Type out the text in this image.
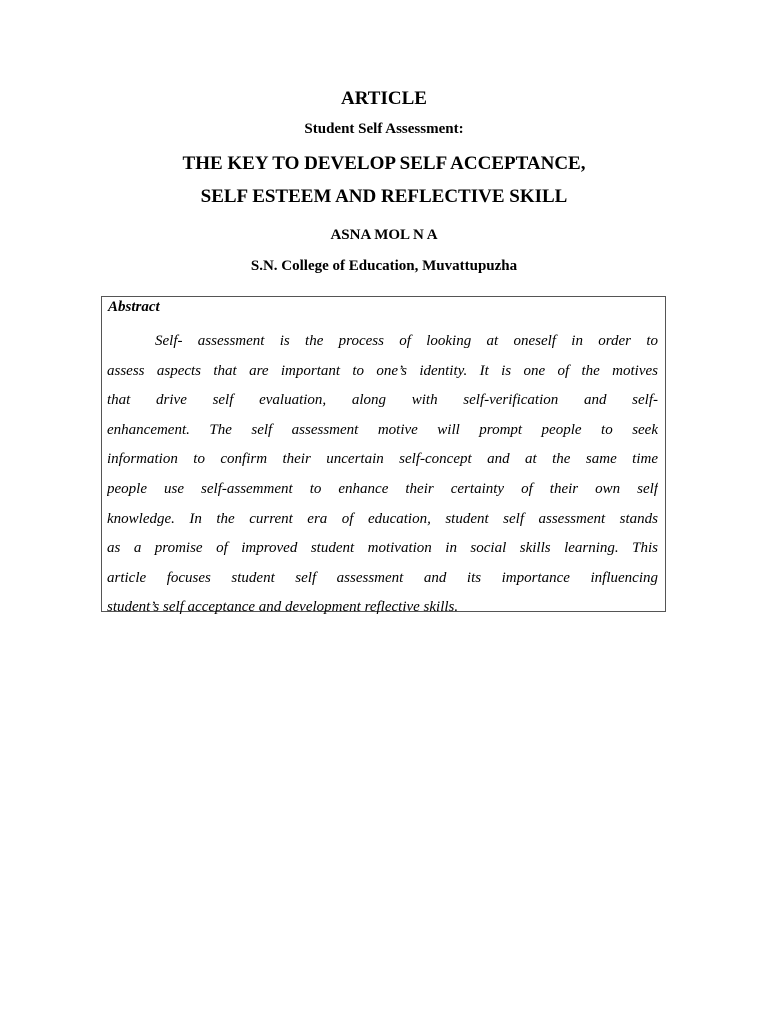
ARTICLE
Student Self Assessment:
THE KEY TO DEVELOP SELF ACCEPTANCE,
SELF ESTEEM AND REFLECTIVE SKILL
ASNA MOL N A
S.N. College of Education, Muvattupuzha
Abstract
Self- assessment is the process of looking at oneself in order to
assess aspects that are important to one’s identity. It is one of the motives
that drive self evaluation, along with self-verification and self-
enhancement. The self assessment motive will prompt people to seek
information to confirm their uncertain self-concept and at the same time
people use self-assemment to enhance their certainty of their own self
knowledge. In the current era of education, student self assessment stands
as a promise of improved student motivation in social skills learning. This
article focuses student self assessment and its importance influencing
student’s self acceptance and development reflective skills.
